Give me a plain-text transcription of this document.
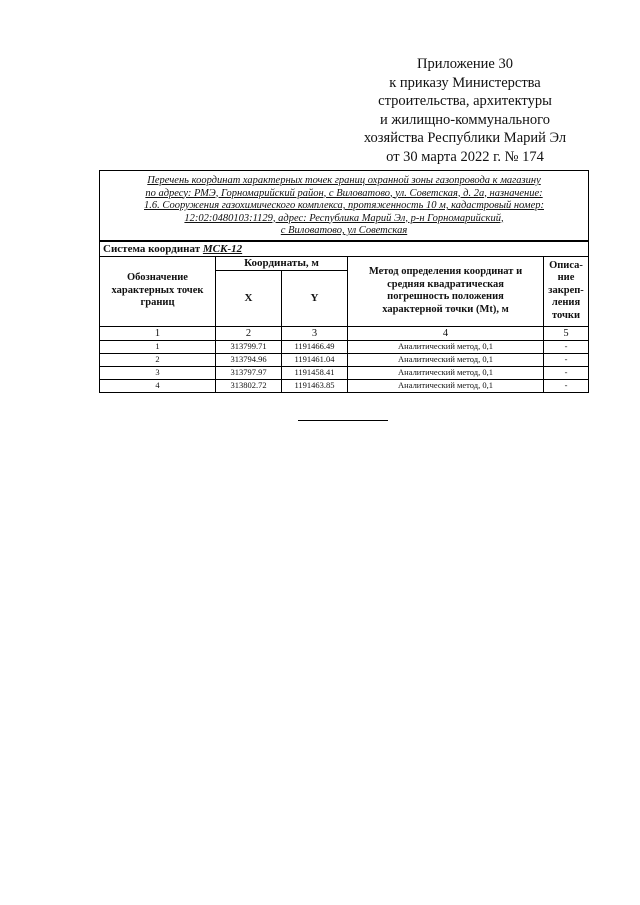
Приложение 30
к приказу Министерства
строительства, архитектуры
и жилищно-коммунального
хозяйства Республики Марий Эл
от 30 марта 2022 г. № 174
Перечень координат характерных точек границ охранной зоны газопровода к магазину
по адресу: РМЭ, Горномарийский район, с Виловатово, ул. Советская, д. 2а, назначение:
1.6. Сооружения газохимического комплекса, протяженность 10 м, кадастровый номер:
12:02:0480103:1129, адрес: Республика Марий Эл, р-н Горномарийский,
с Виловатово, ул Советская				

Система координат МСК-12				
Обозначение характерных точек границ	Координаты, м		Метод определения координат и средняя квадратическая погрешность положения характерной точки (Mt), м	Описа-ние закреп-ления точки
	X	Y		
1	2	3	4	5
1	313799.71	1191466.49	Аналитический метод, 0,1	-
2	313794.96	1191461.04	Аналитический метод, 0,1	-
3	313797.97	1191458.41	Аналитический метод, 0,1	-
4	313802.72	1191463.85	Аналитический метод, 0,1	-
